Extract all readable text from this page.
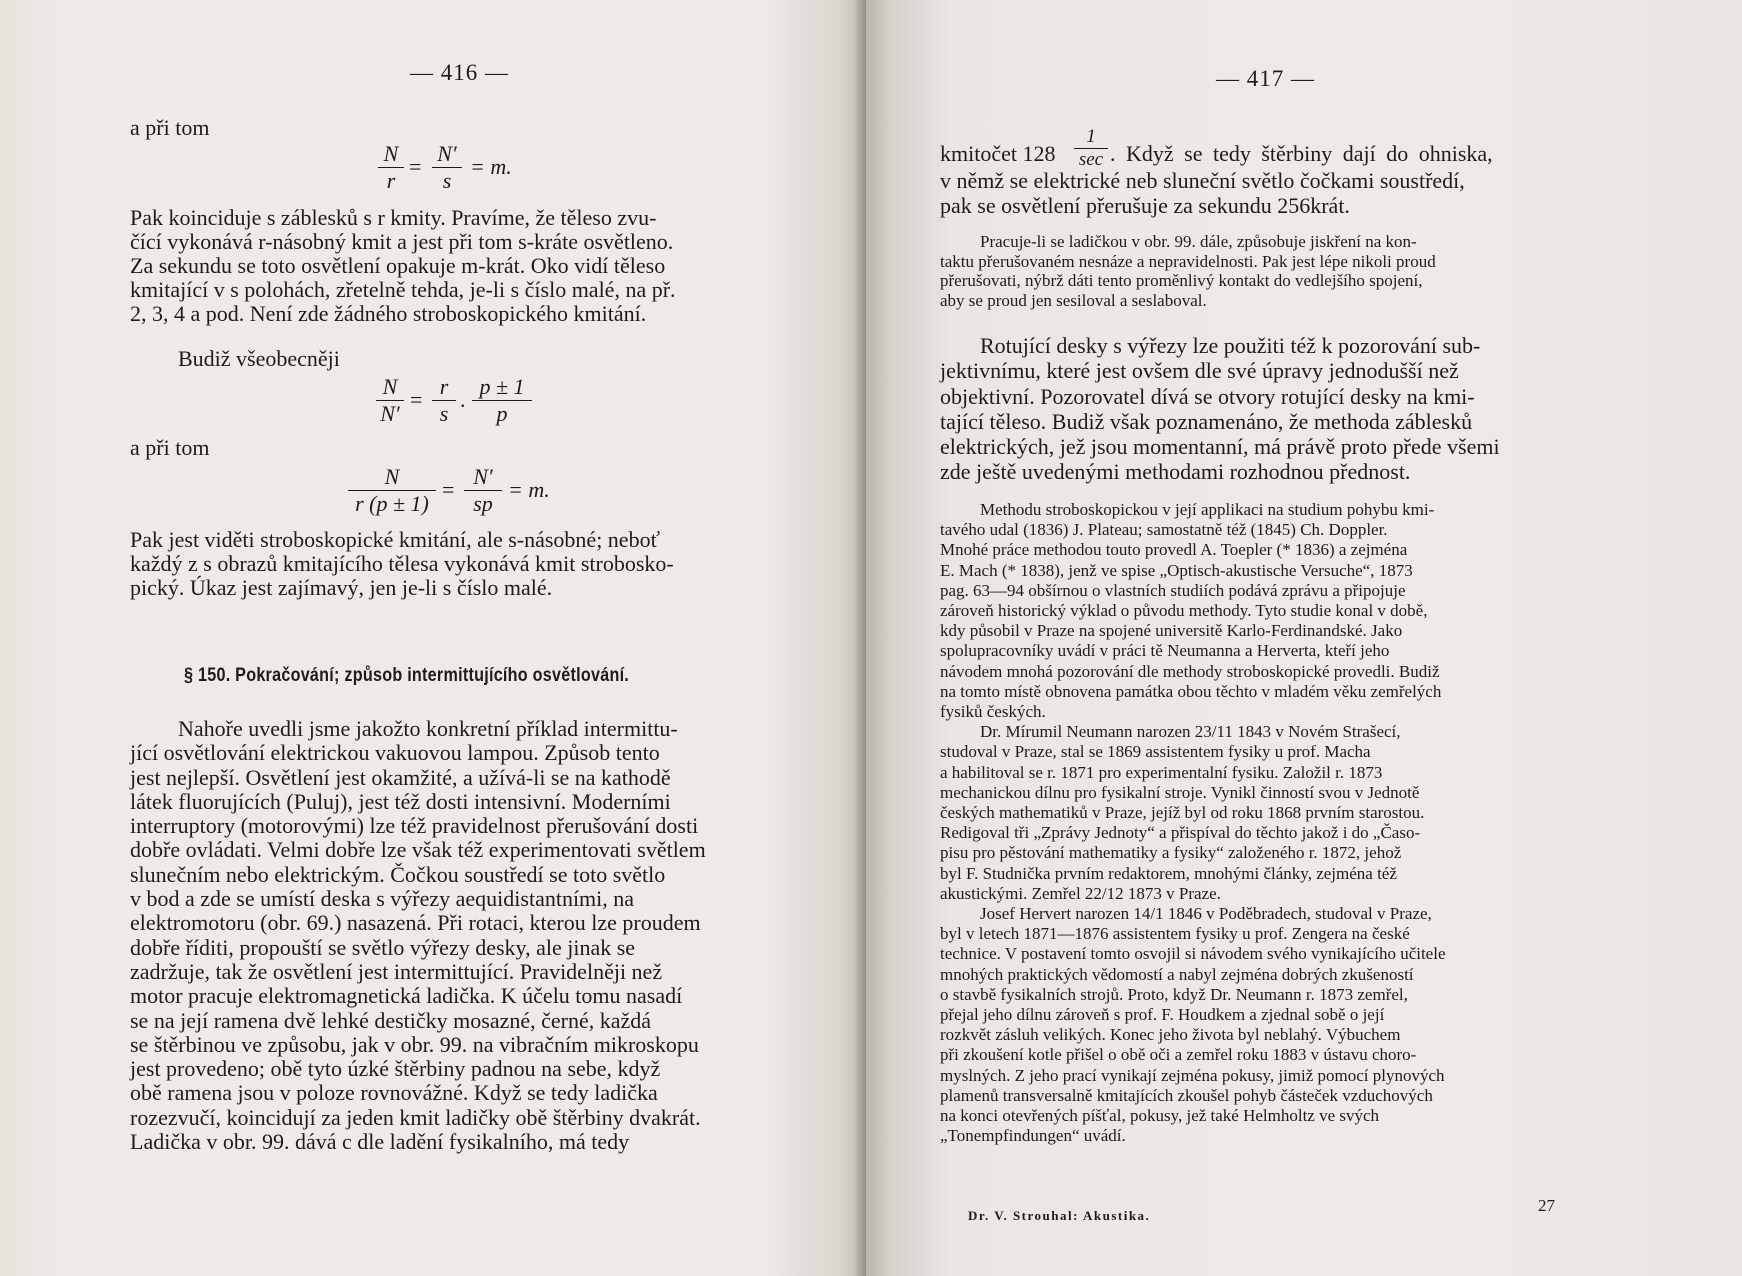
— 416 —
a při tom
$\frac{N}{r} = \frac{N'}{s} = m$.
Pak koinciduje s záblesků s r kmity. Pravíme, že těleso zvu-
čící vykonává r-násobný kmit a jest při tom s-kráte osvětleno.
Za sekundu se toto osvětlení opakuje m-krát. Oko vidí těleso
kmitající v s polohách, zřetelně tehda, je-li s číslo malé, na př.
2, 3, 4 a pod. Není zde žádného stroboskopického kmitání.
Budiž všeobecněji
$\frac{N}{N'} = \frac{r}{s}$ . $\frac{p \pm 1}{p}$
a při tom
$\frac{N}{r (p \pm 1)} = \frac{N'}{sp} = m$.
Pak jest viděti stroboskopické kmitání, ale s-násobné; neboť
každý z s obrazů kmitajícího tělesa vykonává kmit strobosko-
pický. Úkaz jest zajímavý, jen je-li s číslo malé.
§ 150. Pokračování; způsob intermittujícího osvětlování.
Nahoře uvedli jsme jakožto konkretní příklad intermittu-
jící osvětlování elektrickou vakuovou lampou. Způsob tento
jest nejlepší. Osvětlení jest okamžité, a užívá-li se na kathodě
látek fluorujících (Puluj), jest též dosti intensivní. Moderními
interruptory (motorovými) lze též pravidelnost přerušování dosti
dobře ovládati. Velmi dobře lze však též experimentovati světlem
slunečním nebo elektrickým. Čočkou soustředí se toto světlo
v bod a zde se umístí deska s výřezy aequidistantními, na
elektromotoru (obr. 69.) nasazená. Při rotaci, kterou lze proudem
dobře říditi, propouští se světlo výřezy desky, ale jinak se
zadržuje, tak že osvětlení jest intermittující. Pravidelněji než
motor pracuje elektromagnetická ladička. K účelu tomu nasadí
se na její ramena dvě lehké destičky mosazné, černé, každá
se štěrbinou ve způsobu, jak v obr. 99. na vibračním mikroskopu
jest provedeno; obě tyto úzké štěrbiny padnou na sebe, když
obě ramena jsou v poloze rovnovážné. Když se tedy ladička
rozezvučí, koincidují za jeden kmit ladičky obě štěrbiny dvakrát.
Ladička v obr. 99. dává c dle ladění fysikalního, má tedy
— 417 —
kmitočet 128
1
sec . Když se tedy štěrbiny dají do ohniska,
v němž se elektrické neb sluneční světlo čočkami soustředí,
pak se osvětlení přerušuje za sekundu 256krát.
Pracuje-li se ladičkou v obr. 99. dále, způsobuje jiskření na kon-
taktu přerušovaném nesnáze a nepravidelnosti. Pak jest lépe nikoli proud
přerušovati, nýbrž dáti tento proměnlivý kontakt do vedlejšího spojení,
aby se proud jen sesiloval a seslaboval.
Rotující desky s výřezy lze použiti též k pozorování sub-
jektivnímu, které jest ovšem dle své úpravy jednodušší než
objektivní. Pozorovatel dívá se otvory rotující desky na kmi-
tající těleso. Budiž však poznamenáno, že methoda záblesků
elektrických, jež jsou momentanní, má právě proto přede všemi
zde ještě uvedenými methodami rozhodnou přednost.
Methodu stroboskopickou v její applikaci na studium pohybu kmi-
tavého udal (1836) J. Plateau; samostatně též (1845) Ch. Doppler.
Mnohé práce methodou touto provedl A. Toepler (* 1836) a zejména
E. Mach (* 1838), jenž ve spise „Optisch-akustische Versuche“, 1873
pag. 63—94 obšírnou o vlastních studiích podává zprávu a připojuje
zároveň historický výklad o původu methody. Tyto studie konal v době,
kdy působil v Praze na spojené universitě Karlo-Ferdinandské. Jako
spolupracovníky uvádí v práci tě Neumanna a Herverta, kteří jeho
návodem mnohá pozorování dle methody stroboskopické provedli. Budiž
na tomto místě obnovena památka obou těchto v mladém věku zemřelých
fysiků českých.
Dr. Mírumil Neumann narozen 23/11 1843 v Novém Strašecí,
studoval v Praze, stal se 1869 assistentem fysiky u prof. Macha
a habilitoval se r. 1871 pro experimentalní fysiku. Založil r. 1873
mechanickou dílnu pro fysikalní stroje. Vynikl činností svou v Jednotě
českých mathematiků v Praze, jejíž byl od roku 1868 prvním starostou.
Redigoval tři „Zprávy Jednoty“ a přispíval do těchto jakož i do „Časo-
pisu pro pěstování mathematiky a fysiky“ založeného r. 1872, jehož
byl F. Studnička prvním redaktorem, mnohými články, zejména též
akustickými. Zemřel 22/12 1873 v Praze.
Josef Hervert narozen 14/1 1846 v Poděbradech, studoval v Praze,
byl v letech 1871—1876 assistentem fysiky u prof. Zengera na české
technice. V postavení tomto osvojil si návodem svého vynikajícího učitele
mnohých praktických vědomostí a nabyl zejména dobrých zkušeností
o stavbě fysikalních strojů. Proto, když Dr. Neumann r. 1873 zemřel,
přejal jeho dílnu zároveň s prof. F. Houdkem a zjednal sobě o její
rozkvět zásluh velikých. Konec jeho života byl neblahý. Výbuchem
při zkoušení kotle přišel o obě oči a zemřel roku 1883 v ústavu choro-
myslných. Z jeho prací vynikají zejména pokusy, jimiž pomocí plynových
plamenů transversalně kmitajících zkoušel pohyb částeček vzduchových
na konci otevřených píšťal, pokusy, jež také Helmholtz ve svých
„Tonempfindungen“ uvádí.
Dr. V. Strouhal: Akustika.
27
